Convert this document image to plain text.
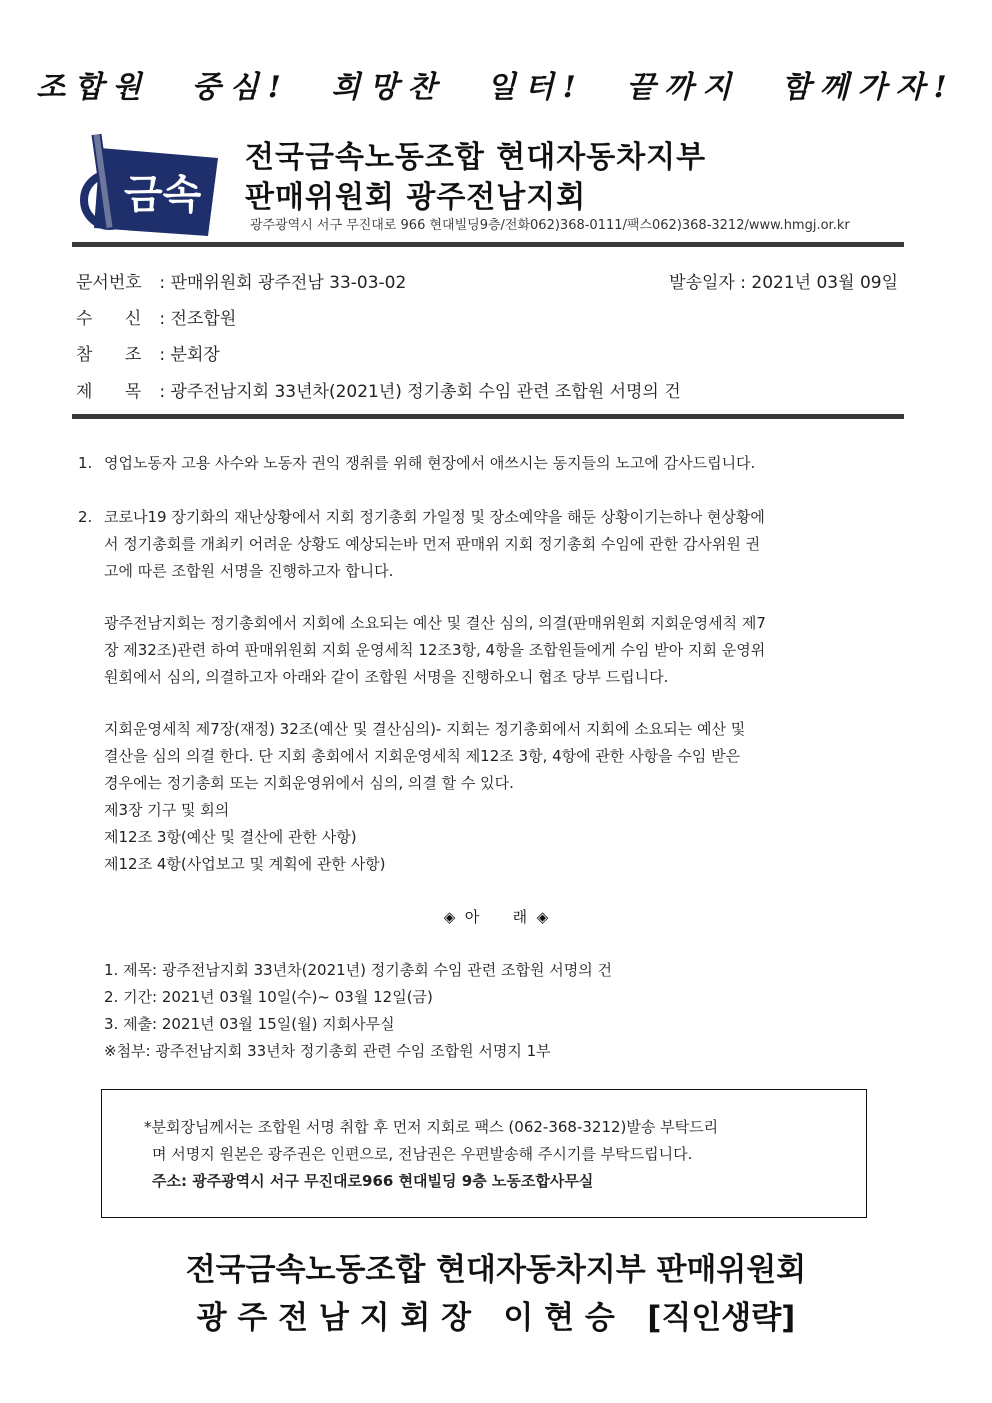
조합원 중심! 희망찬 일터! 끝까지 함께가자!
금속
전국금속노동조합 현대자동차지부
판매위원회 광주전남지회
광주광역시 서구 무진대로 966 현대빌딩9층/전화062)368-0111/팩스062)368-3212/www.hmgj.or.kr
문서번호 : 판매위원회 광주전남 33-03-02	발송일자 : 2021년 03월 09일
수      신 : 전조합원
참      조 : 분회장
제      목 : 광주전남지회 33년차(2021년) 정기총회 수임 관련 조합원 서명의 건
1. 영업노동자 고용 사수와 노동자 권익 쟁취를 위해 현장에서 애쓰시는 동지들의 노고에 감사드립니다.
2. 코로나19 장기화의 재난상황에서 지회 정기총회 가일정 및 장소예약을 해둔 상황이기는하나 현상황에
서 정기총회를 개최키 어려운 상황도 예상되는바 먼저 판매위 지회 정기총회 수임에 관한 감사위원 권
고에 따른 조합원 서명을 진행하고자 합니다.
광주전남지회는 정기총회에서 지회에 소요되는 예산 및 결산 심의, 의결(판매위원회 지회운영세칙 제7
장 제32조)관련 하여 판매위원회 지회 운영세칙 12조3항, 4항을 조합원들에게 수임 받아 지회 운영위
원회에서 심의, 의결하고자 아래와 같이 조합원 서명을 진행하오니 협조 당부 드립니다.
지회운영세칙 제7장(재정) 32조(예산 및 결산심의)- 지회는 정기총회에서 지회에 소요되는 예산 및
결산을 심의 의결 한다. 단 지회 총회에서 지회운영세칙 제12조 3항, 4항에 관한 사항을 수임 받은
경우에는 정기총회 또는 지회운영위에서 심의, 의결 할 수 있다.
제3장 기구 및 회의
제12조 3항(예산 및 결산에 관한 사항)
제12조 4항(사업보고 및 계획에 관한 사항)
◈  아       래  ◈
1. 제목: 광주전남지회 33년차(2021년) 정기총회 수임 관련 조합원 서명의 건
2. 기간: 2021년 03월 10일(수)~ 03월 12일(금)
3. 제출: 2021년 03월 15일(월) 지회사무실
※첨부: 광주전남지회 33년차 정기총회 관련 수임 조합원 서명지 1부
*분회장님께서는 조합원 서명 취합 후 먼저 지회로 팩스 (062-368-3212)발송 부탁드리
며 서명지 원본은 광주권은 인편으로, 전남권은 우편발송해 주시기를 부탁드립니다.
주소: 광주광역시 서구 무진대로966 현대빌딩 9층 노동조합사무실
전국금속노동조합 현대자동차지부 판매위원회
광 주 전 남 지 회 장   이 현 승   [직인생략]
